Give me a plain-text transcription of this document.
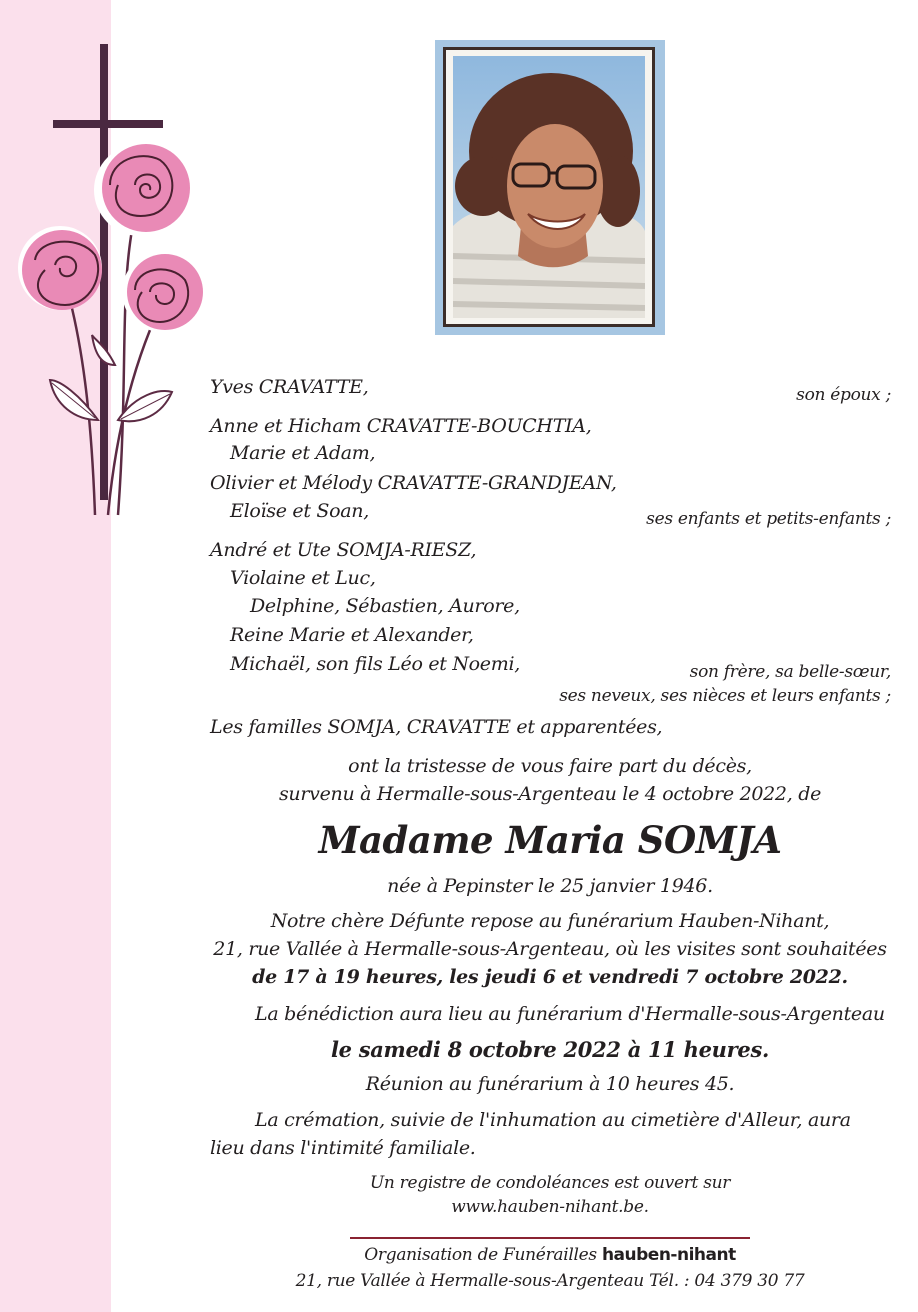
Yves CRAVATTE,	son époux ;
Anne et Hicham CRAVATTE-BOUCHTIA,
Marie et Adam,
Olivier et Mélody CRAVATTE-GRANDJEAN,
Eloïse et Soan,	ses enfants et petits-enfants ;
André et Ute SOMJA-RIESZ,
Violaine et Luc,
Delphine, Sébastien, Aurore,
Reine Marie et Alexander,
Michaël, son fils Léo et Noemi,	son frère, sa belle-sœur,
ses neveux, ses nièces et leurs enfants ;
Les familles SOMJA, CRAVATTE et apparentées,
ont la tristesse de vous faire part du décès,
survenu à Hermalle-sous-Argenteau le 4 octobre 2022, de
Madame Maria SOMJA
née à Pepinster le 25 janvier 1946.
Notre chère Défunte repose au funérarium Hauben-Nihant,
21, rue Vallée à Hermalle-sous-Argenteau, où les visites sont souhaitées
de 17 à 19 heures, les jeudi 6 et vendredi 7 octobre 2022.
La bénédiction aura lieu au funérarium d'Hermalle-sous-Argenteau
le samedi 8 octobre 2022 à 11 heures.
Réunion au funérarium à 10 heures 45.
La crémation, suivie de l'inhumation au cimetière d'Alleur, aura
lieu dans l'intimité familiale.
Un registre de condoléances est ouvert sur
www.hauben-nihant.be.
Organisation de Funérailles hauben-nihant
21, rue Vallée à Hermalle-sous-Argenteau Tél. : 04 379 30 77
